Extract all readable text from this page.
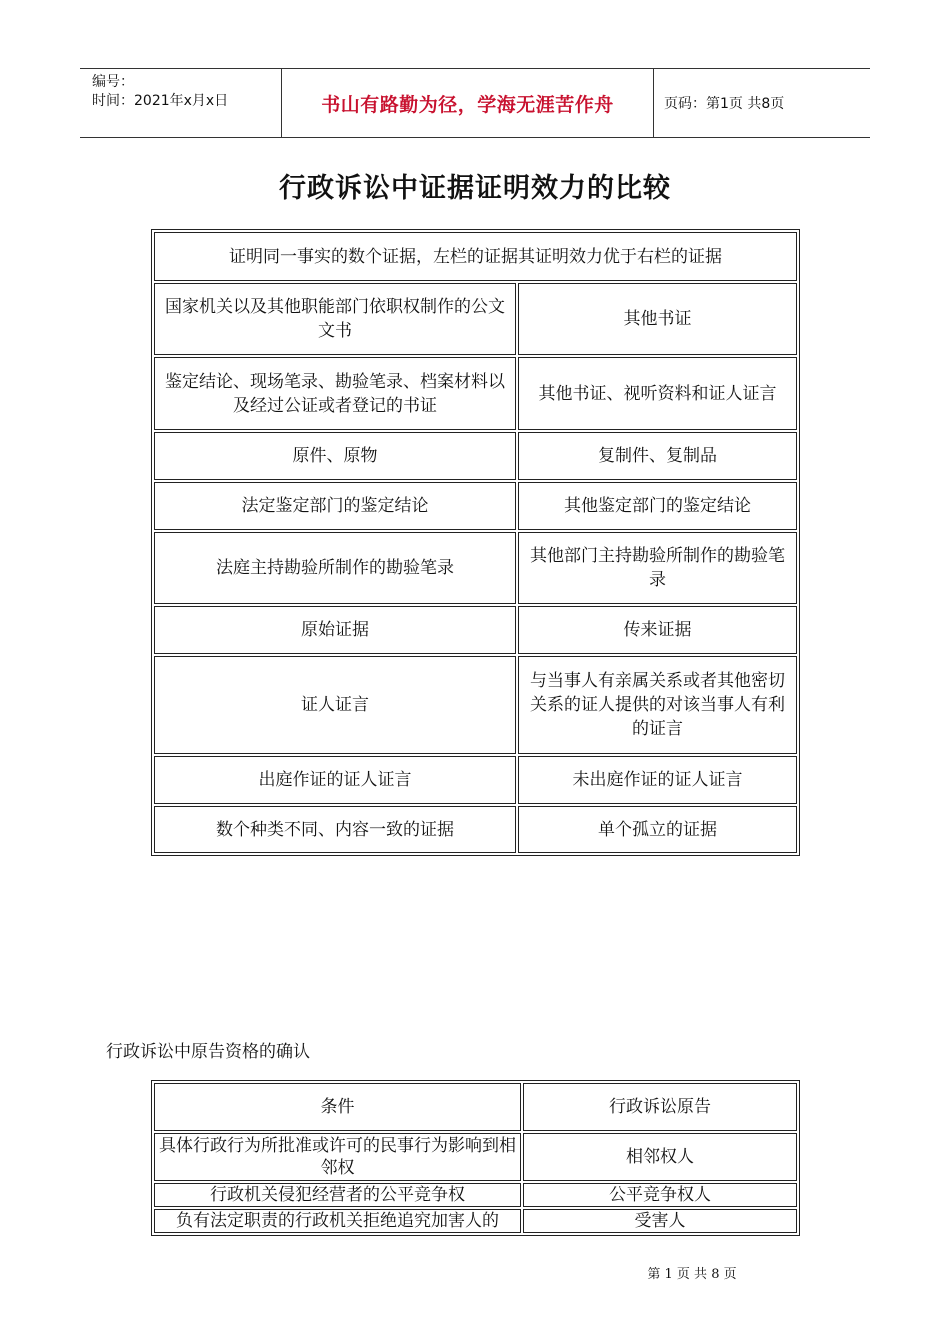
编号：
时间：2021年x月x日	书山有路勤为径，学海无涯苦作舟	页码：第1页 共8页
行政诉讼中证据证明效力的比较
证明同一事实的数个证据，左栏的证据其证明效力优于右栏的证据	
国家机关以及其他职能部门依职权制作的公文文书	其他书证
鉴定结论、现场笔录、勘验笔录、档案材料以及经过公证或者登记的书证	其他书证、视听资料和证人证言
原件、原物	复制件、复制品
法定鉴定部门的鉴定结论	其他鉴定部门的鉴定结论
法庭主持勘验所制作的勘验笔录	其他部门主持勘验所制作的勘验笔录
原始证据	传来证据
证人证言	与当事人有亲属关系或者其他密切关系的证人提供的对该当事人有利的证言
出庭作证的证人证言	未出庭作证的证人证言
数个种类不同、内容一致的证据	单个孤立的证据
行政诉讼中原告资格的确认
条件	行政诉讼原告
具体行政行为所批准或许可的民事行为影响到相邻权	相邻权人
行政机关侵犯经营者的公平竞争权	公平竞争权人
负有法定职责的行政机关拒绝追究加害人的	受害人
第 1 页 共 8 页
